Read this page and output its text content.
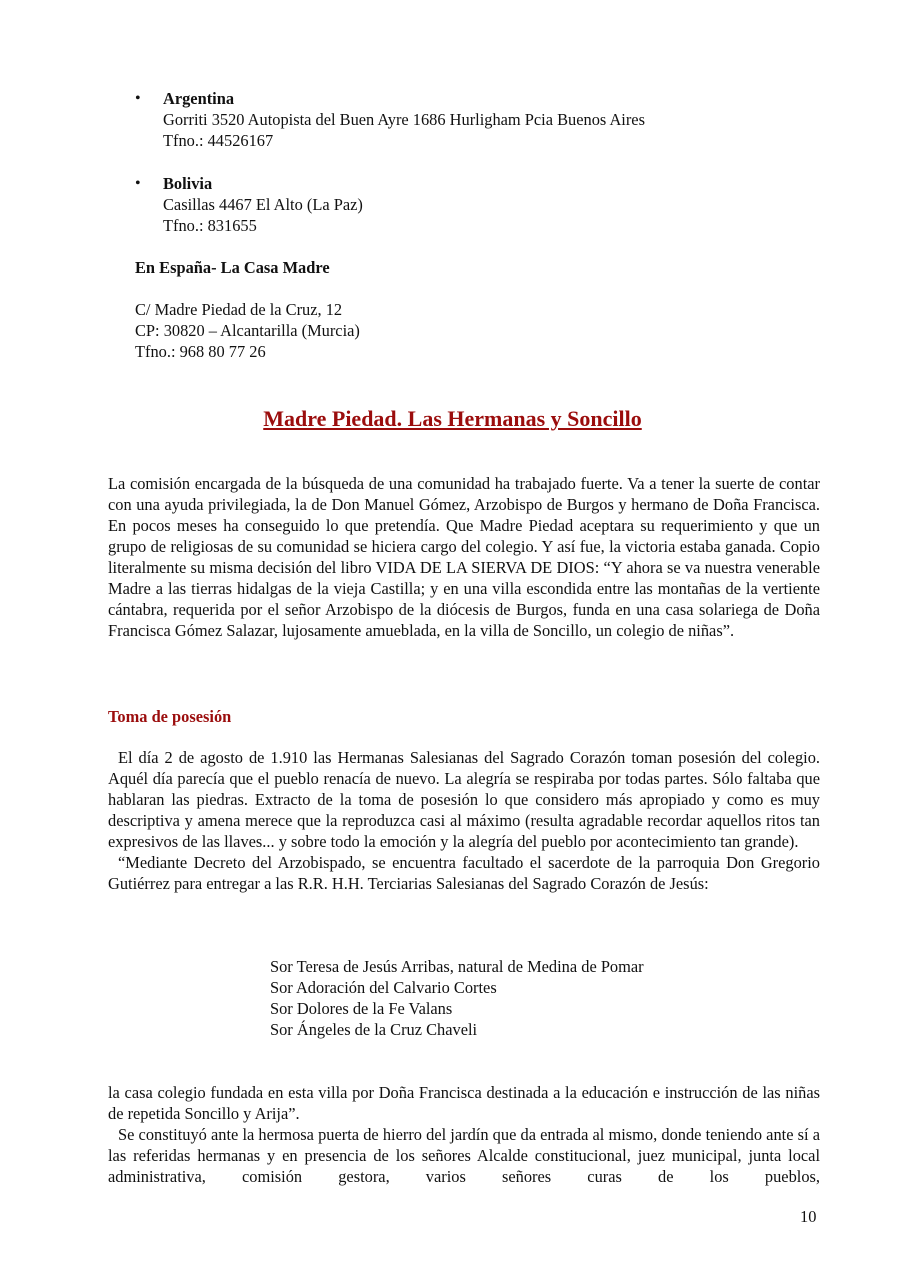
• Argentina
Gorriti 3520 Autopista del Buen Ayre 1686 Hurligham Pcia Buenos Aires
Tfno.: 44526167
• Bolivia
Casillas 4467 El Alto (La Paz)
Tfno.: 831655
En España- La Casa Madre
C/ Madre Piedad de la Cruz, 12
CP: 30820 – Alcantarilla (Murcia)
Tfno.: 968 80 77 26
Madre Piedad. Las Hermanas y Soncillo

La comisión encargada de la búsqueda de una comunidad ha trabajado fuerte. Va a tener la suerte de contar con una ayuda privilegiada, la de Don Manuel Gómez, Arzobispo de Burgos y hermano de Doña Francisca. En pocos meses ha conseguido lo que pretendía. Que Madre Piedad aceptara su requerimiento y que un grupo de religiosas de su comunidad se hiciera cargo del colegio. Y así fue, la victoria estaba ganada. Copio literalmente su misma decisión del libro VIDA DE LA SIERVA DE DIOS: “Y ahora se va nuestra venerable Madre a las tierras hidalgas de la vieja Castilla; y en una villa escondida entre las montañas de la vertiente cántabra, requerida por el señor Arzobispo de la diócesis de Burgos, funda en una casa solariega de Doña Francisca Gómez Salazar, lujosamente amueblada, en la villa de Soncillo, un colegio de niñas”.

Toma de posesión

El día 2 de agosto de 1.910 las Hermanas Salesianas del Sagrado Corazón toman posesión del colegio. Aquél día parecía que el pueblo renacía de nuevo. La alegría se respiraba por todas partes. Sólo faltaba que hablaran las piedras. Extracto de la toma de posesión lo que considero más apropiado y como es muy descriptiva y amena merece que la reproduzca casi al máximo (resulta agradable recordar aquellos ritos tan expresivos de las llaves... y sobre todo la emoción y la alegría del pueblo por acontecimiento tan grande).

“Mediante Decreto del Arzobispado, se encuentra facultado el sacerdote de la parroquia Don Gregorio Gutiérrez para entregar a las R.R. H.H. Terciarias Salesianas del Sagrado Corazón de Jesús:

Sor Teresa de Jesús Arribas, natural de Medina de Pomar
Sor Adoración del Calvario Cortes
Sor Dolores de la Fe Valans
Sor Ángeles de la Cruz Chaveli

la casa colegio fundada en esta villa por Doña Francisca destinada a la educación e instrucción de las niñas de repetida Soncillo y Arija”.

Se constituyó ante la hermosa puerta de hierro del jardín que da entrada al mismo, donde teniendo ante sí a las referidas hermanas y en presencia de los señores Alcalde constitucional, juez municipal, junta local administrativa, comisión gestora, varios señores curas de los pueblos,

10
